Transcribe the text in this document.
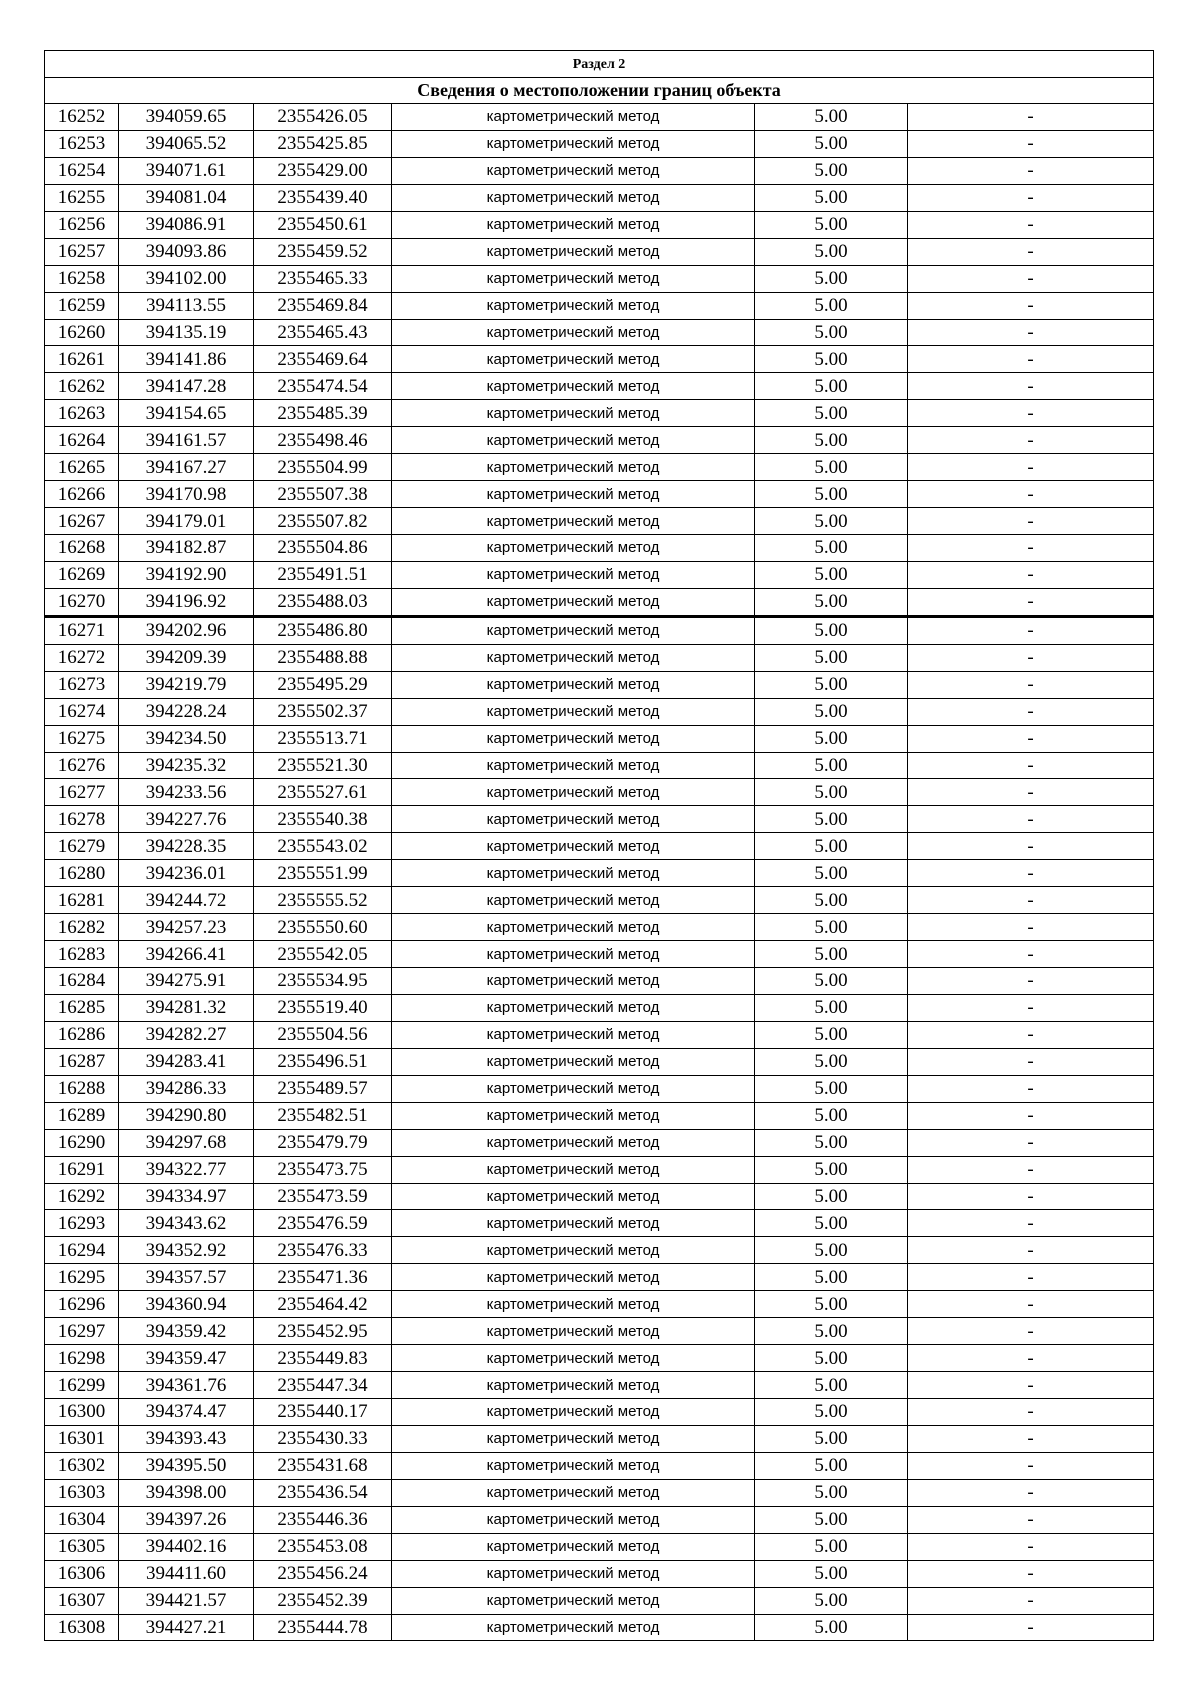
Раздел 2					
Сведения о местоположении границ объекта					
16252	394059.65	2355426.05	картометрический метод	5.00	-
16253	394065.52	2355425.85	картометрический метод	5.00	-
16254	394071.61	2355429.00	картометрический метод	5.00	-
16255	394081.04	2355439.40	картометрический метод	5.00	-
16256	394086.91	2355450.61	картометрический метод	5.00	-
16257	394093.86	2355459.52	картометрический метод	5.00	-
16258	394102.00	2355465.33	картометрический метод	5.00	-
16259	394113.55	2355469.84	картометрический метод	5.00	-
16260	394135.19	2355465.43	картометрический метод	5.00	-
16261	394141.86	2355469.64	картометрический метод	5.00	-
16262	394147.28	2355474.54	картометрический метод	5.00	-
16263	394154.65	2355485.39	картометрический метод	5.00	-
16264	394161.57	2355498.46	картометрический метод	5.00	-
16265	394167.27	2355504.99	картометрический метод	5.00	-
16266	394170.98	2355507.38	картометрический метод	5.00	-
16267	394179.01	2355507.82	картометрический метод	5.00	-
16268	394182.87	2355504.86	картометрический метод	5.00	-
16269	394192.90	2355491.51	картометрический метод	5.00	-
16270	394196.92	2355488.03	картометрический метод	5.00	-
16271	394202.96	2355486.80	картометрический метод	5.00	-
16272	394209.39	2355488.88	картометрический метод	5.00	-
16273	394219.79	2355495.29	картометрический метод	5.00	-
16274	394228.24	2355502.37	картометрический метод	5.00	-
16275	394234.50	2355513.71	картометрический метод	5.00	-
16276	394235.32	2355521.30	картометрический метод	5.00	-
16277	394233.56	2355527.61	картометрический метод	5.00	-
16278	394227.76	2355540.38	картометрический метод	5.00	-
16279	394228.35	2355543.02	картометрический метод	5.00	-
16280	394236.01	2355551.99	картометрический метод	5.00	-
16281	394244.72	2355555.52	картометрический метод	5.00	-
16282	394257.23	2355550.60	картометрический метод	5.00	-
16283	394266.41	2355542.05	картометрический метод	5.00	-
16284	394275.91	2355534.95	картометрический метод	5.00	-
16285	394281.32	2355519.40	картометрический метод	5.00	-
16286	394282.27	2355504.56	картометрический метод	5.00	-
16287	394283.41	2355496.51	картометрический метод	5.00	-
16288	394286.33	2355489.57	картометрический метод	5.00	-
16289	394290.80	2355482.51	картометрический метод	5.00	-
16290	394297.68	2355479.79	картометрический метод	5.00	-
16291	394322.77	2355473.75	картометрический метод	5.00	-
16292	394334.97	2355473.59	картометрический метод	5.00	-
16293	394343.62	2355476.59	картометрический метод	5.00	-
16294	394352.92	2355476.33	картометрический метод	5.00	-
16295	394357.57	2355471.36	картометрический метод	5.00	-
16296	394360.94	2355464.42	картометрический метод	5.00	-
16297	394359.42	2355452.95	картометрический метод	5.00	-
16298	394359.47	2355449.83	картометрический метод	5.00	-
16299	394361.76	2355447.34	картометрический метод	5.00	-
16300	394374.47	2355440.17	картометрический метод	5.00	-
16301	394393.43	2355430.33	картометрический метод	5.00	-
16302	394395.50	2355431.68	картометрический метод	5.00	-
16303	394398.00	2355436.54	картометрический метод	5.00	-
16304	394397.26	2355446.36	картометрический метод	5.00	-
16305	394402.16	2355453.08	картометрический метод	5.00	-
16306	394411.60	2355456.24	картометрический метод	5.00	-
16307	394421.57	2355452.39	картометрический метод	5.00	-
16308	394427.21	2355444.78	картометрический метод	5.00	-
